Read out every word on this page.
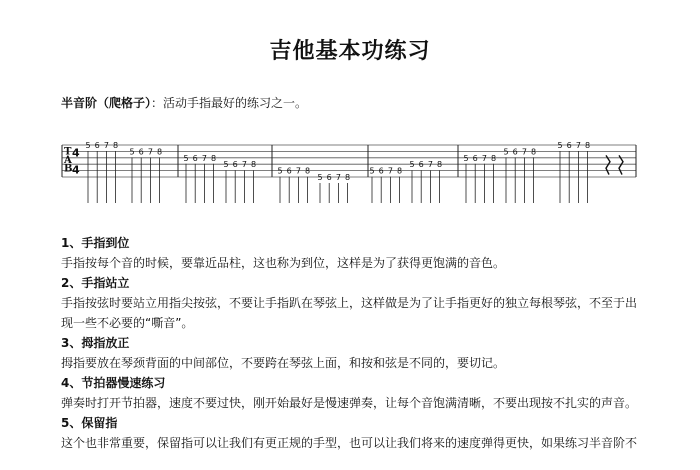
吉他基本功练习
半音阶（爬格子）：活动手指最好的练习之一。
T
A
B
4
4
5 6 7 8
5 6 7 8
5 6 7 8
5 6 7 8
5 6 7 8
5 6 7 8
5 6 7 8
5 6 7 8
5 6 7 8
5 6 7 8
5 6 7 8
1、手指到位
手指按每个音的时候，要靠近品柱，这也称为到位，这样是为了获得更饱满的音色。
2、手指站立
手指按弦时要站立用指尖按弦，不要让手指趴在琴弦上，这样做是为了让手指更好的独立每根琴弦，不至于出
现一些不必要的“嘶音”。
3、拇指放正
拇指要放在琴颈背面的中间部位，不要跨在琴弦上面，和按和弦是不同的，要切记。
4、节拍器慢速练习
弹奏时打开节拍器，速度不要过快，刚开始最好是慢速弹奏，让每个音饱满清晰，不要出现按不扎实的声音。
5、保留指
这个也非常重要，保留指可以让我们有更正规的手型，也可以让我们将来的速度弹得更快，如果练习半音阶不
